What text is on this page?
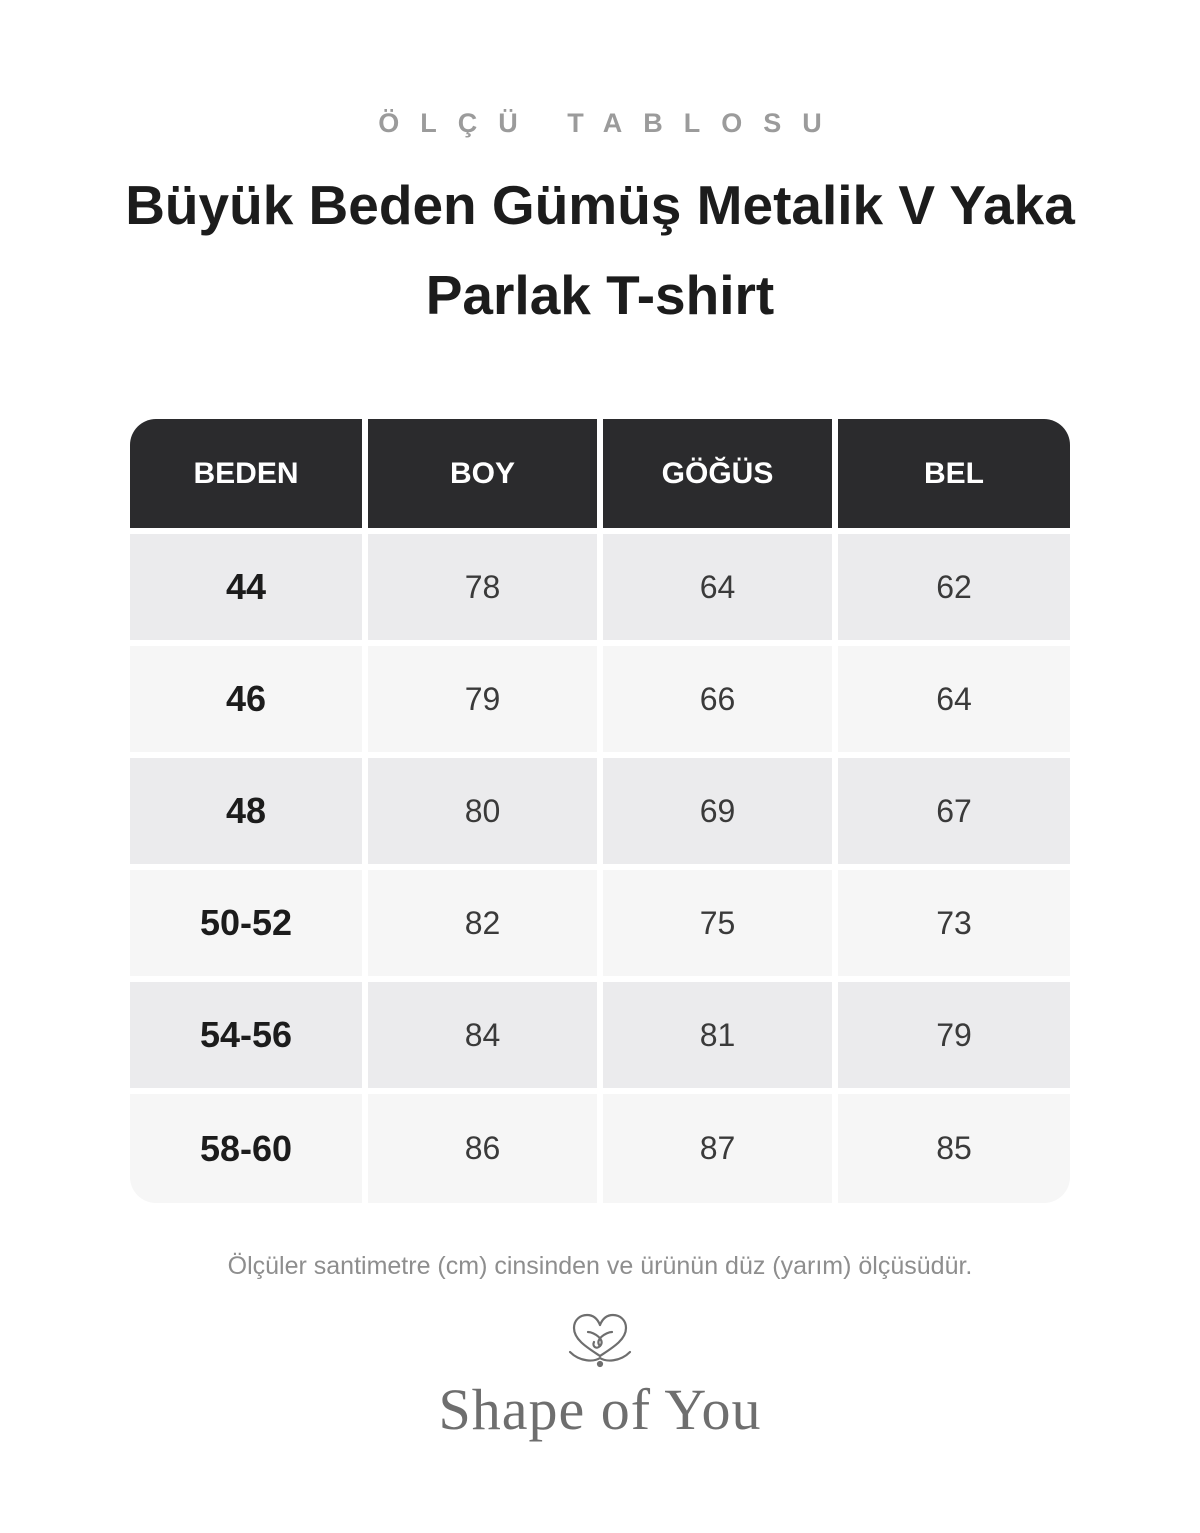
ÖLÇÜ TABLOSU
Büyük Beden Gümüş Metalik V Yaka
Parlak T-shirt
BEDEN	BOY	GÖĞÜS	BEL
44	78	64	62
46	79	66	64
48	80	69	67
50-52	82	75	73
54-56	84	81	79
58-60	86	87	85
Ölçüler santimetre (cm) cinsinden ve ürünün düz (yarım) ölçüsüdür.
Shape of You
